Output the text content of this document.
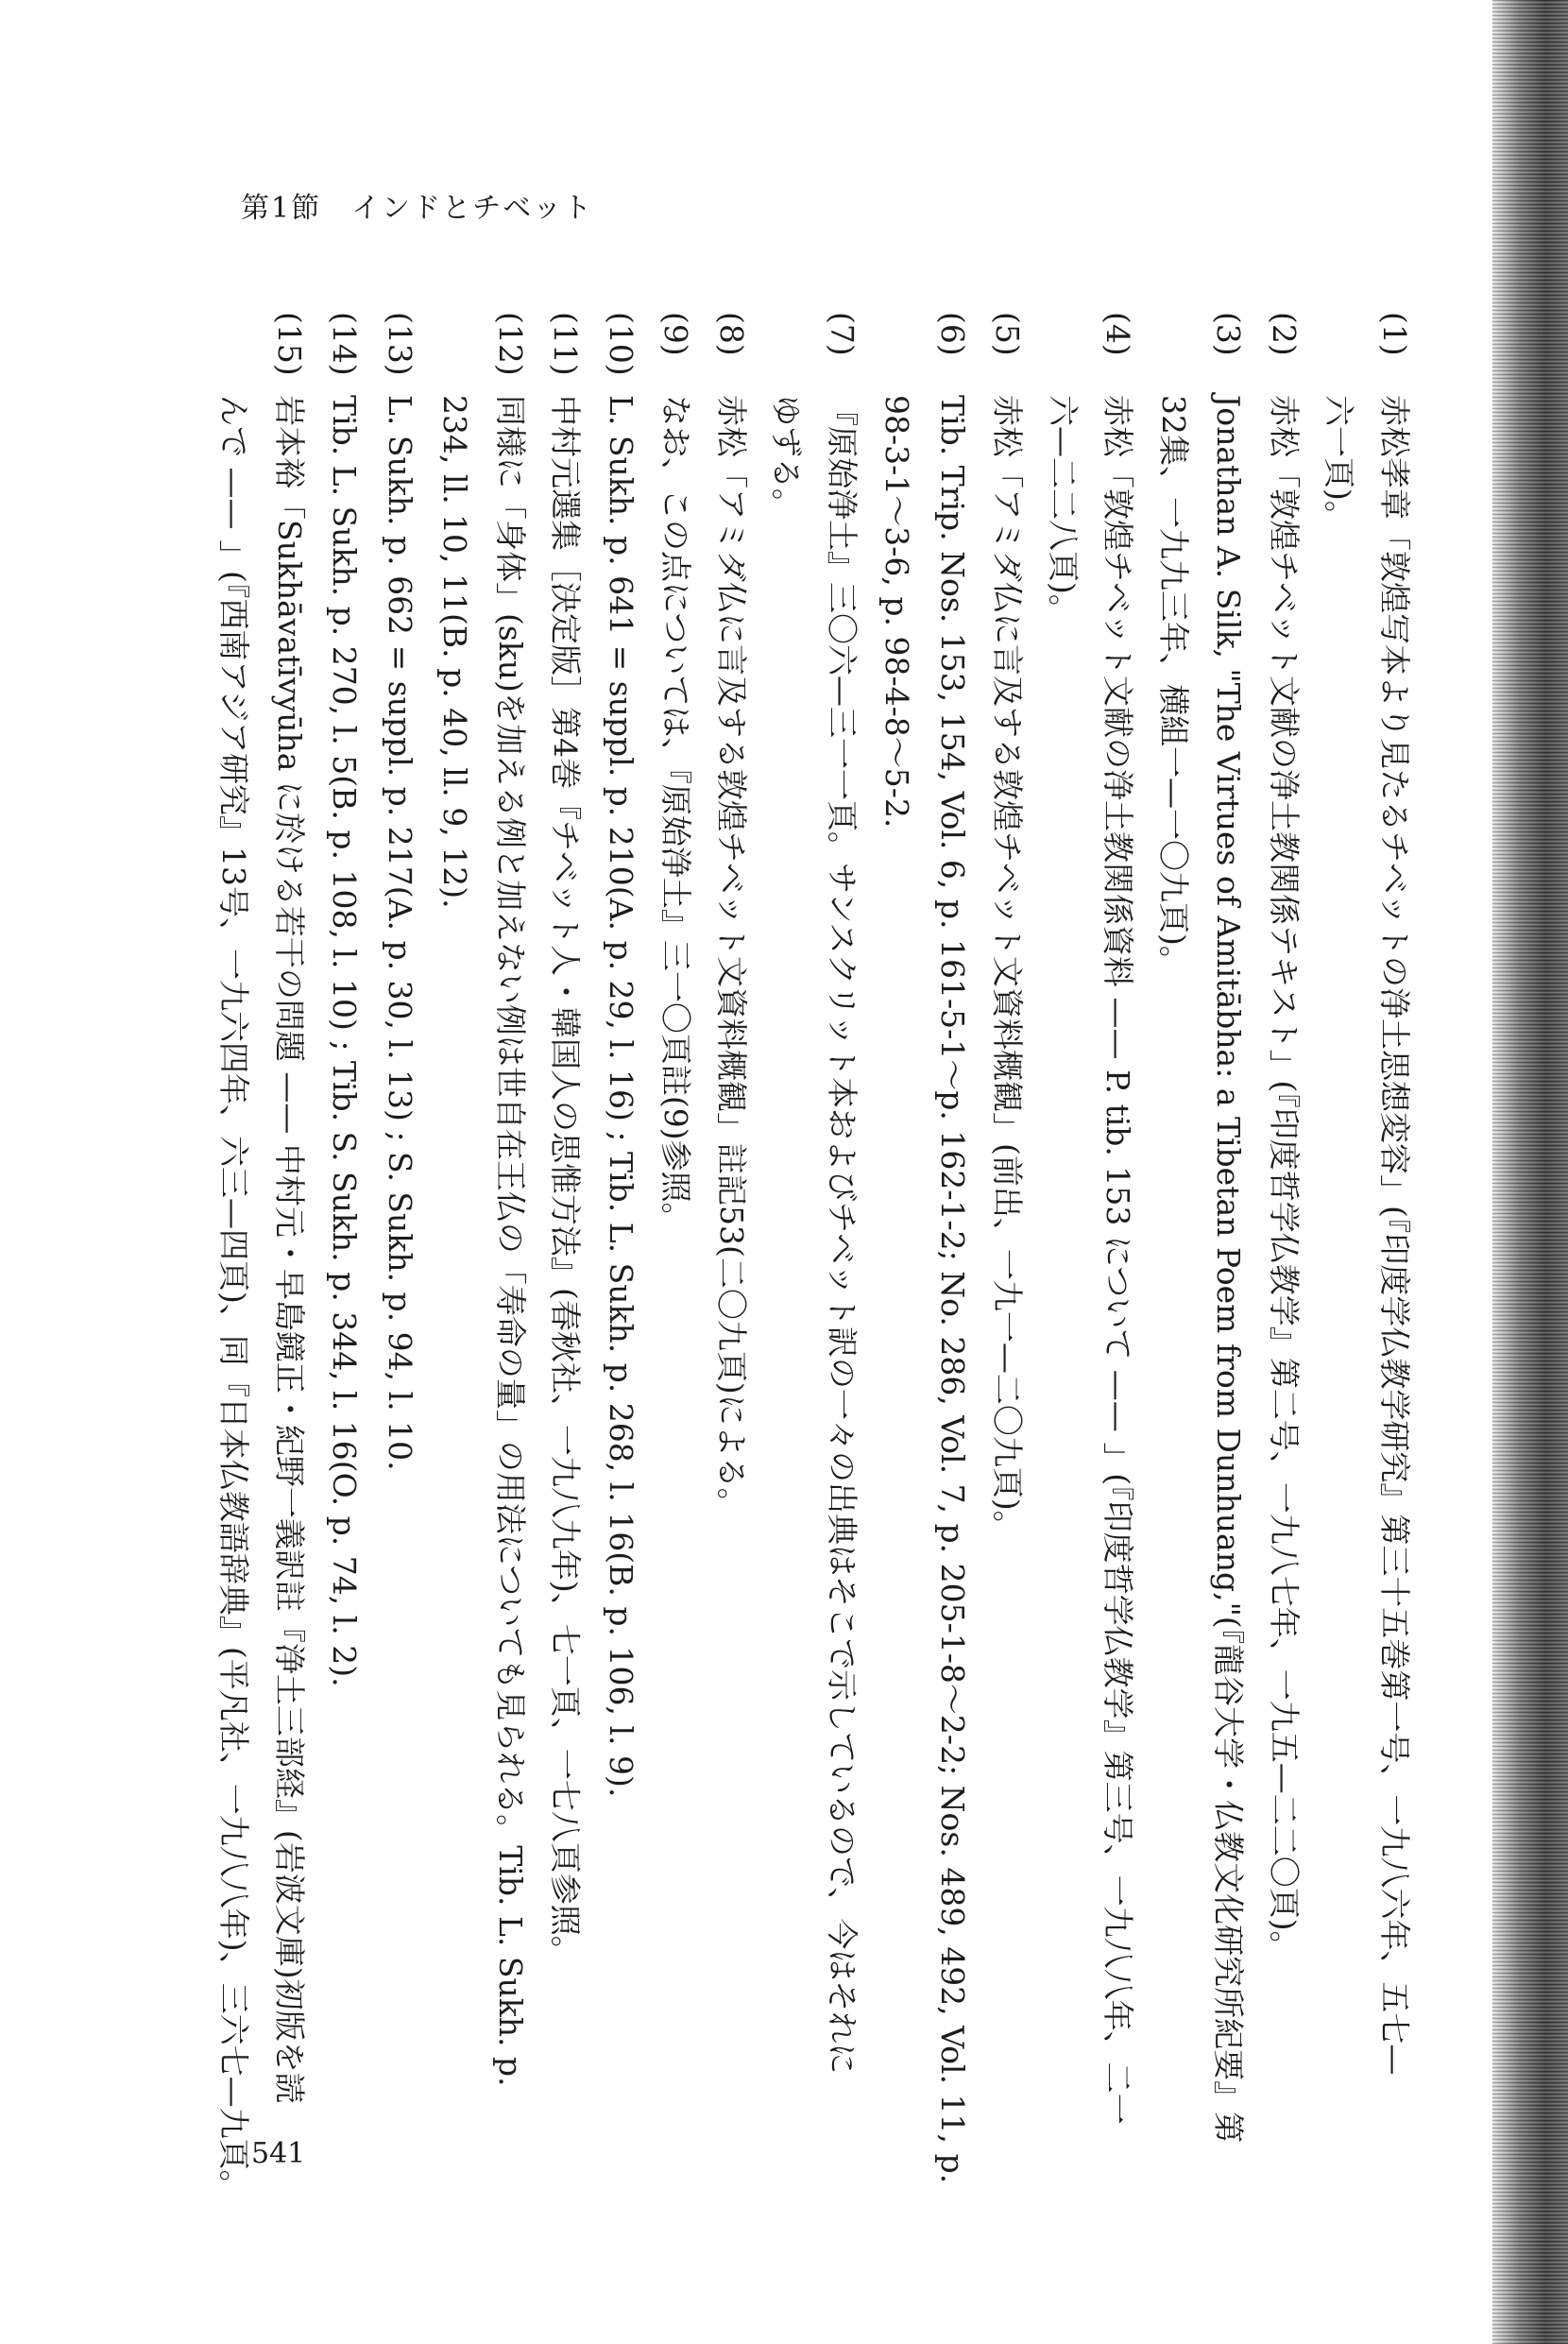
第1節　インドとチベット
(1)
赤松孝章「敦煌写本より見たるチベットの浄土思想変容」(『印度学仏教学研究』第三十五巻第一号、一九八六年、五七—
六一頁)。
(2)
赤松「敦煌チベット文献の浄土教関係テキスト」(『印度哲学仏教学』第二号、一九八七年、一九五—二二〇頁)。
(3)
Jonathan A. Silk, "The Virtues of Amitābha: a Tibetan Poem from Dunhuang,"(『龍谷大学・仏教文化研究所紀要』第
32集、一九九三年、横組一—一〇九頁)。
(4)
赤松「敦煌チベット文献の浄土教関係資料 —— P. tib. 153 について —— 」(『印度哲学仏教学』第三号、一九八八年、二一
六—二二八頁)。
(5)
赤松「アミダ仏に言及する敦煌チベット文資料概観」(前出、一九一—二〇九頁)。
(6)
Tib. Trip. Nos. 153, 154, Vol. 6, p. 161-5-1～p. 162-1-2; No. 286, Vol. 7, p. 205-1-8～2-2; Nos. 489, 492, Vol. 11, p.
98-3-1～3-6, p. 98-4-8～5-2.
(7)
『原始浄土』三〇六—三一一頁。サンスクリット本およびチベット訳の一々の出典はそこで示しているので、今はそれに
ゆずる。
(8)
赤松「アミダ仏に言及する敦煌チベット文資料概観」註記53(二〇九頁)による。
(9)
なお、この点については、『原始浄土』三一〇頁註(9)参照。
(10)
L. Sukh. p. 641 = suppl. p. 210(A. p. 29, l. 16) ; Tib. L. Sukh. p. 268, l. 16(B. p. 106, l. 9).
(11)
中村元選集［決定版］第4巻『チベット人・韓国人の思惟方法』(春秋社、一九八九年)、七一頁、一七八頁参照。
(12)
同様に「身体」(sku)を加える例と加えない例は世自在王仏の「寿命の量」の用法についても見られる。Tib. L. Sukh. p.
234, ll. 10, 11(B. p. 40, ll. 9, 12).
(13)
L. Sukh. p. 662 = suppl. p. 217(A. p. 30, l. 13) ; S. Sukh. p. 94, l. 10.
(14)
Tib. L. Sukh. p. 270, l. 5(B. p. 108, l. 10) ; Tib. S. Sukh. p. 344, l. 16(O. p. 74, l. 2).
(15)
岩本裕「Sukhāvatīvyūha に於ける若干の問題 —— 中村元・早島鏡正・紀野一義訳註『浄土三部経』(岩波文庫)初版を読
んで —— 」(『西南アジア研究』13号、一九六四年、六三—四頁)、同『日本仏教語辞典』(平凡社、一九八八年)、三六七—九頁。
541
